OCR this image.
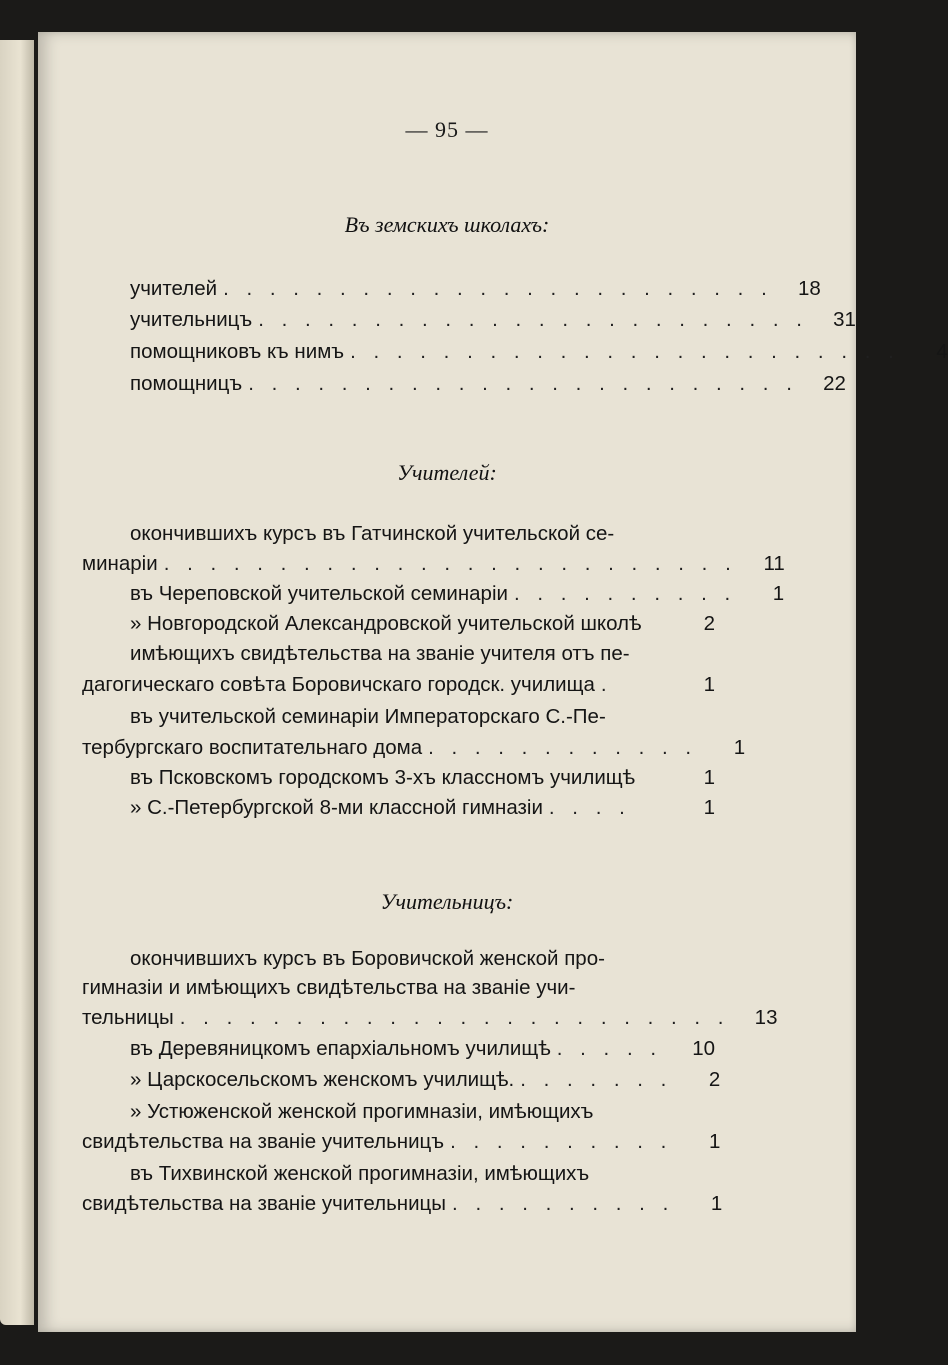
— 95 —
Въ земскихъ школахъ:
учителей . . . . . . . . . . . . . . . . . . . . . . . .	18
учительницъ . . . . . . . . . . . . . . . . . . . . . . . .	31
помощниковъ къ нимъ . . . . . . . . . . . . . . . . . . . . . . . .	4
помощницъ . . . . . . . . . . . . . . . . . . . . . . . .	22
Учителей:
окончившихъ курсъ въ Гатчинской учительской се-
минаріи . . . . . . . . . . . . . . . . . . . . . . . . .	11
въ Череповской учительской семинаріи . . . . . . . . . .	1
» Новгородской Александровской учительской школѣ	2
имѣющихъ свидѣтельства на званіе учителя отъ пе-
дагогическаго совѣта Боровичскаго городск. училища .	1
въ учительской семинаріи Императорскаго С.-Пе-
тербургскаго воспитательнаго дома . . . . . . . . . . . .	1
въ Псковскомъ городскомъ 3-хъ классномъ училищѣ	1
» С.-Петербургской 8-ми классной гимназіи . . . .	1
Учительницъ:
окончившихъ курсъ въ Боровичской женской про-
гимназіи и имѣющихъ свидѣтельства на званіе учи-
тельницы . . . . . . . . . . . . . . . . . . . . . . . .	13
въ Деревяницкомъ епархіальномъ училищѣ . . . . .	10
» Царскосельскомъ женскомъ училищѣ. . . . . . . .	2
» Устюженской женской прогимназіи, имѣющихъ
свидѣтельства на званіе учительницъ . . . . . . . . . .	1
въ Тихвинской женской прогимназіи, имѣющихъ
свидѣтельства на званіе учительницы . . . . . . . . . .	1
